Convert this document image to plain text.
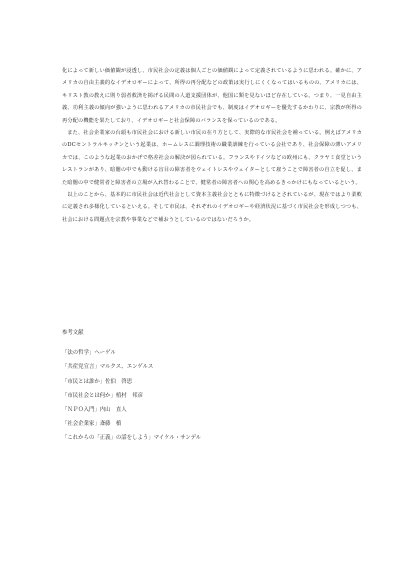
化によって新しい価値観が浸透し、市民社会の定義は個人ごとの価値観によって定義されているように思われる。確かに、アメリカの自由主義的なイデオロギーによって、所得の再分配などの政策は実行しにくくなってはいるものの、アメリカには、キリスト教の教えに則り弱者救済を掲げる民間の人道支援団体が、他国に類を見ないほど存在している。つまり、一見自由主義、功利主義の傾向が強いように思われるアメリカの市民社会でも、制度はイデオロギーを優先するかわりに、宗教が所得の再分配の機能を果たしており、イデオロギーと社会保障のバランスを保っているのである。

また、社会企業家の台頭も市民社会における新しい市民の在り方として、実際的な市民社会を補っている。例えばアメリカのDCセントラルキッチンという起業は、ホームレスに調理技術の職業訓練を行っている会社であり、社会保障の薄いアメリカでは、このような起業のおかげで格差社会の解決が図られている。フランスやドイツなどの欧州にも、クラヤミ食堂というレストランがあり、暗闇の中でも動ける盲目の障害者をウェイトレスやウェイターとして雇うことで障害者の自立を促し、また暗闇の中で健常者と障害者の立場が入れ替わることで、健常者の障害者への関心を高めるきっかけにもなっているという。

以上のことから、基本的に市民社会は近代社会として資本主義社会とともに特徴づけるとされているが、現在ではより柔軟に定義され多様化しているといえる。そして市民は、それぞれのイデオロギーや経済状況に基づく市民社会を形成しつつも、社会における問題点を宗教や事業などで補おうとしているのではないだろうか。

参考文献

「法の哲学」ヘーゲル
「共産党宣言」マルクス、エンゲルス
「市民とは誰か」佐伯　啓思
「市民社会とは何か」植村　邦彦
「ＮＰＯ入門」内山　直人
「社会企業家」斎藤　槙
「これからの「正義」の話をしよう」マイケル・サンデル
